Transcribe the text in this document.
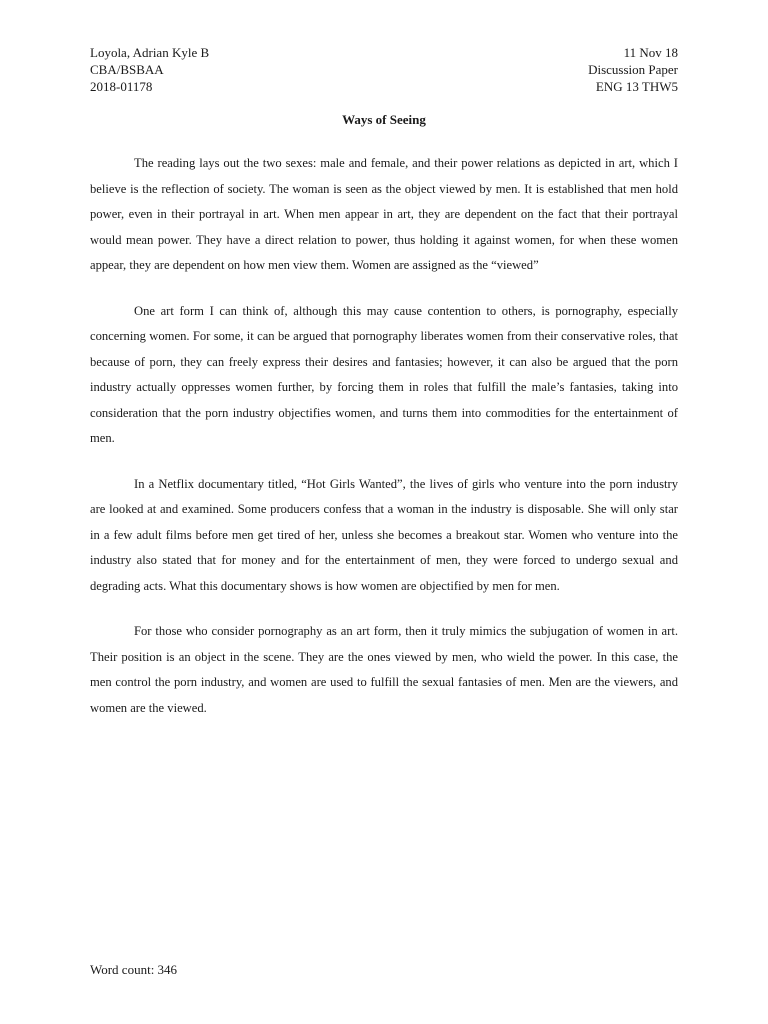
Loyola, Adrian Kyle B
CBA/BSBAA
2018-01178
11 Nov 18
Discussion Paper
ENG 13 THW5
Ways of Seeing

The reading lays out the two sexes: male and female, and their power relations as depicted in art, which I believe is the reflection of society. The woman is seen as the object viewed by men. It is established that men hold power, even in their portrayal in art. When men appear in art, they are dependent on the fact that their portrayal would mean power. They have a direct relation to power, thus holding it against women, for when these women appear, they are dependent on how men view them. Women are assigned as the “viewed”

One art form I can think of, although this may cause contention to others, is pornography, especially concerning women. For some, it can be argued that pornography liberates women from their conservative roles, that because of porn, they can freely express their desires and fantasies; however, it can also be argued that the porn industry actually oppresses women further, by forcing them in roles that fulfill the male’s fantasies, taking into consideration that the porn industry objectifies women, and turns them into commodities for the entertainment of men.

In a Netflix documentary titled, “Hot Girls Wanted”, the lives of girls who venture into the porn industry are looked at and examined. Some producers confess that a woman in the industry is disposable. She will only star in a few adult films before men get tired of her, unless she becomes a breakout star. Women who venture into the industry also stated that for money and for the entertainment of men, they were forced to undergo sexual and degrading acts. What this documentary shows is how women are objectified by men for men.

For those who consider pornography as an art form, then it truly mimics the subjugation of women in art. Their position is an object in the scene. They are the ones viewed by men, who wield the power. In this case, the men control the porn industry, and women are used to fulfill the sexual fantasies of men. Men are the viewers, and women are the viewed.

Word count: 346
